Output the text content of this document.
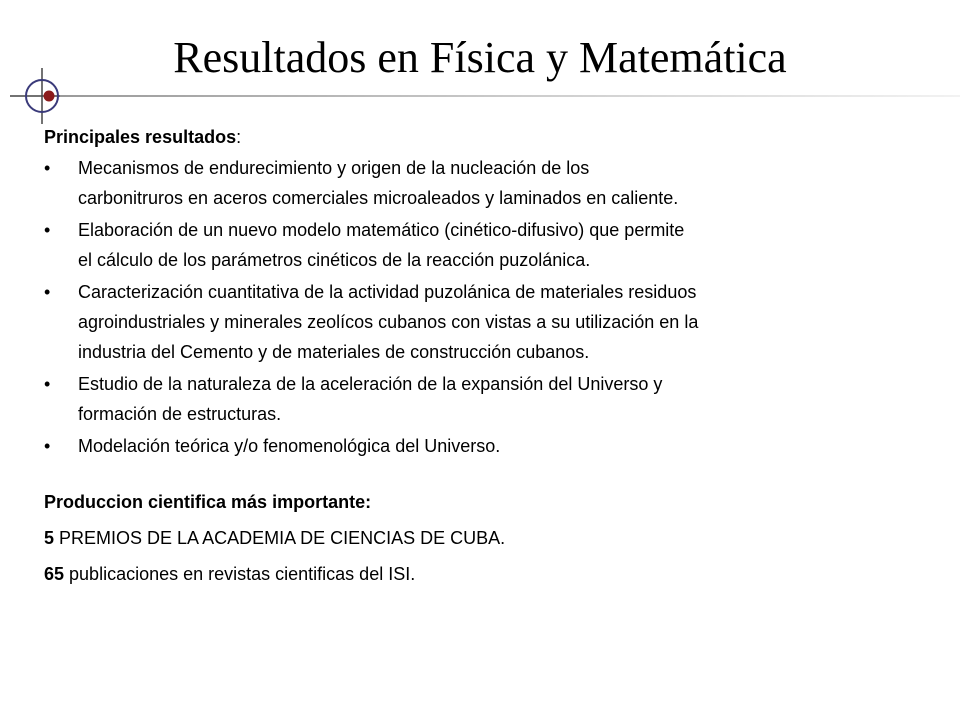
Resultados en Física y Matemática
Principales resultados:
• Mecanismos de endurecimiento y origen de la nucleación de los
carbonitruros en aceros comerciales microaleados y laminados en caliente.
• Elaboración de un nuevo modelo matemático (cinético-difusivo) que permite
el cálculo de los parámetros cinéticos de la reacción puzolánica.
• Caracterización cuantitativa de la actividad puzolánica de materiales residuos
agroindustriales y minerales zeolícos cubanos con vistas a su utilización en la
industria del Cemento y de materiales de construcción cubanos.
• Estudio de la naturaleza de la aceleración de la expansión del Universo y
formación de estructuras.
• Modelación teórica y/o fenomenológica del Universo.
Produccion cientifica más importante:
5 PREMIOS DE LA ACADEMIA DE CIENCIAS DE CUBA.
65 publicaciones en revistas cientificas del ISI.
